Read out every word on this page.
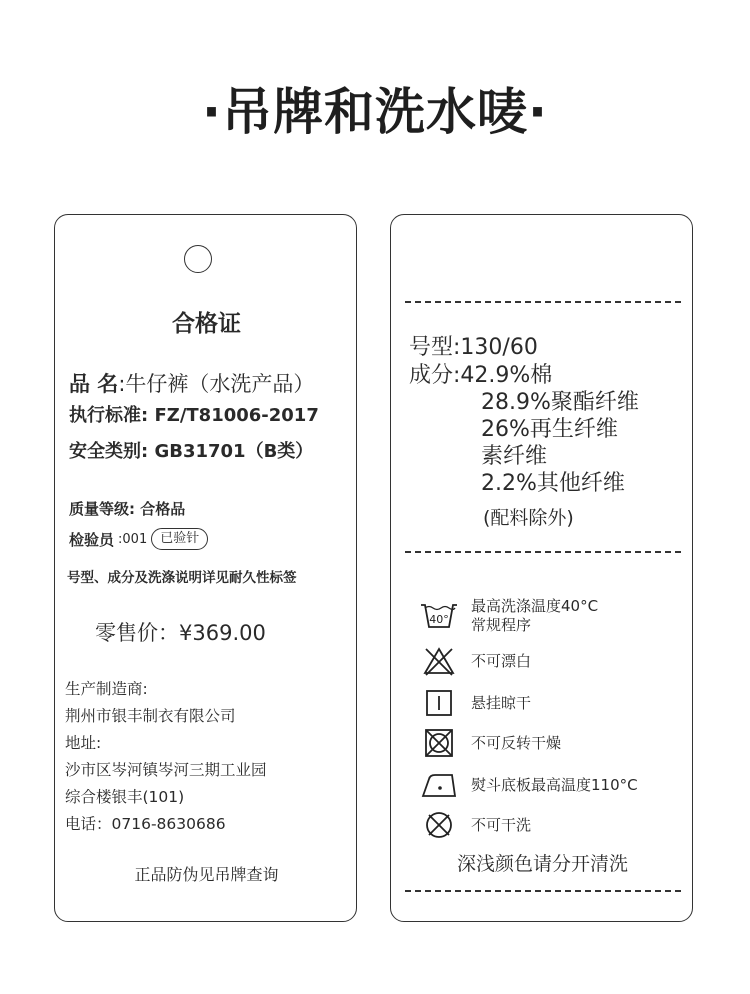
·吊牌和洗水唛·
合格证
品 名:牛仔裤（水洗产品）
执行标准: FZ/T81006-2017
安全类别: GB31701（B类）
质量等级: 合格品
检验员 :001	已验针
号型、成分及洗涤说明详见耐久性标签
零售价：¥369.00
生产制造商:
荆州市银丰制衣有限公司
地址:
沙市区岑河镇岑河三期工业园
综合楼银丰(101)
电话：0716-8630686
正品防伪见吊牌查询
号型:130/60
成分 :42.9%棉
28.9%聚酯纤维
26%再生纤维
素纤维
2.2%其他纤维
(配料除外)
40°
最高洗涤温度40°C
常规程序
不可漂白
悬挂晾干
不可反转干燥
熨斗底板最高温度110°C
不可干洗
深浅颜色请分开清洗
